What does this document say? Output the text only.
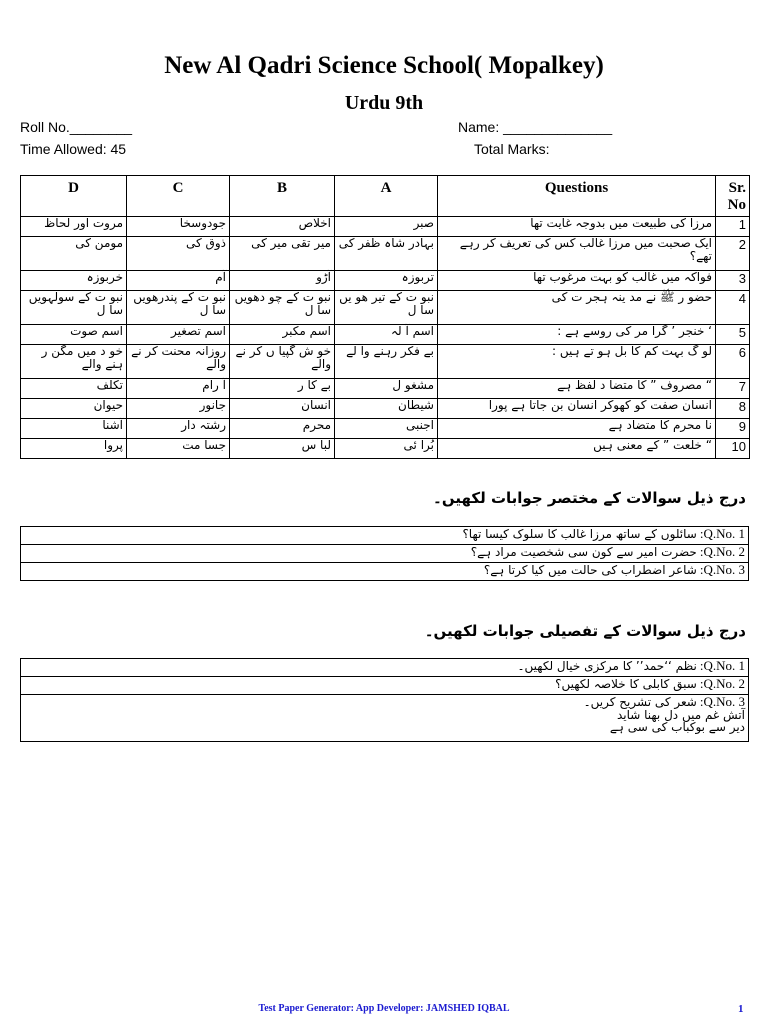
New Al Qadri Science School( Mopalkey)
Urdu 9th
Roll No.________	Name: ______________
Time Allowed: 45	Total Marks:
D	C	B	A	Questions	Sr. No
مروت اور لحاظ	جودوسخا	اخلاص	صبر	مرزا کی طبیعت میں بدوجہ غایت تھا	1
مومن کی	ذوق کی	میر تقی میر کی	بہادر شاہ ظفر کی	ایک صحبت میں مرزا غالب کس کی تعریف کر رہے تھے؟	2
خربوزہ	آم	آڑو	تربوزہ	فواکہ میں غالب کو بہت مرغوب تھا	3
نبو ت کے سولہویں سا ل	نبو ت کے پندرھویں سا ل	نبو ت کے چو دھویں سا ل	نبو ت کے تیر ھو یں سا ل	حضو ر ﷺ نے مد ینہ ہجر ت کی	4
اسم صوت	اسم تصغیر	اسم مکبر	اسم آ لہ	‘ خنجر ’ گرا مر کی روسے ہے :	5
خو د میں مگن ر ہنے والے	روزانہ محنت کر نے والے	خو ش گپیا ں کر نے والے	بے فکر رہنے وا لے	لو گ بہت کم کا بل ہو تے ہیں :	6
تکلف	آ رام	بے کا ر	مشغو ل	“ مصروف ” کا متضا د لفظ ہے	7
حیوان	جانور	انسان	شیطان	انسان صفت کو کھوکر انسان بن جاتا ہے پورا	8
آشنا	رشتہ دار	محرم	اجنبی	نا محرم کا متضاد ہے	9
پروا	جسا مت	لبا س	بُرا ئی	“ خلعت ” کے معنی ہیں	10
درج ذیل سوالات کے مختصر جوابات لکھیں۔
Q.No. 1: سائلوں کے ساتھ مرزا غالب کا سلوک کیسا تھا؟
Q.No. 2: حضرت امیر سے کون سی شخصیت مراد ہے؟
Q.No. 3: شاعر اضطراب کی حالت میں کیا کرتا ہے؟
درج ذیل سوالات کے تفصیلی جوابات لکھیں۔
Q.No. 1: نظم ‘‘حمد’’ کا مرکزی خیال لکھیں۔
Q.No. 2: سبق کابلی کا خلاصہ لکھیں؟
Q.No. 3: شعر کی تشریح کریں۔
آتش غم میں دل بھنا شاید
دیر سے بوکباب کی سی ہے
Test Paper Generator: App Developer: JAMSHED IQBAL	1
